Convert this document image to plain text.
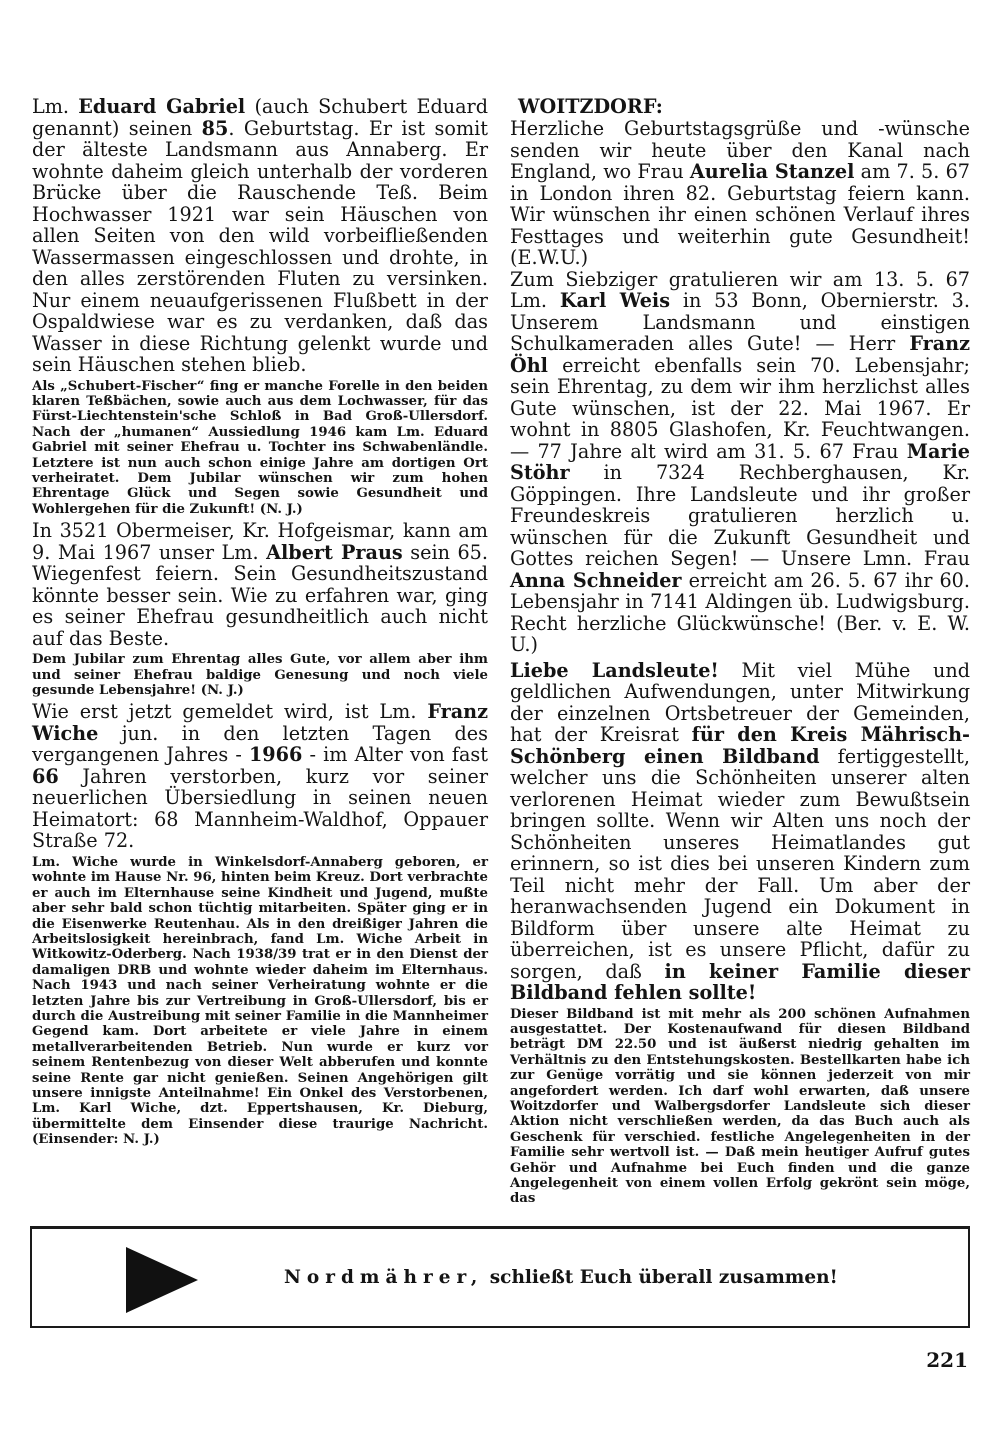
Lm. Eduard Gabriel (auch Schubert Eduard genannt) seinen 85. Geburtstag. Er ist somit der älteste Landsmann aus Annaberg. Er wohnte daheim gleich unterhalb der vorderen Brücke über die Rauschende Teß. Beim Hochwasser 1921 war sein Häuschen von allen Seiten von den wild vorbeifließenden Wassermassen eingeschlossen und drohte, in den alles zerstörenden Fluten zu versinken. Nur einem neuaufgerissenen Flußbett in der Ospaldwiese war es zu verdanken, daß das Wasser in diese Richtung gelenkt wurde und sein Häuschen stehen blieb.

Als „Schubert-Fischer“ fing er manche Forelle in den beiden klaren Teßbächen, sowie auch aus dem Lochwasser, für das Fürst-Liechtenstein'sche Schloß in Bad Groß-Ullersdorf. Nach der „humanen“ Aussiedlung 1946 kam Lm. Eduard Gabriel mit seiner Ehefrau u. Tochter ins Schwabenländle. Letztere ist nun auch schon einige Jahre am dortigen Ort verheiratet. Dem Jubilar wünschen wir zum hohen Ehrentage Glück und Segen sowie Gesundheit und Wohlergehen für die Zukunft! (N. J.)

In 3521 Obermeiser, Kr. Hofgeismar, kann am 9. Mai 1967 unser Lm. Albert Praus sein 65. Wiegenfest feiern. Sein Gesundheitszustand könnte besser sein. Wie zu erfahren war, ging es seiner Ehefrau gesundheitlich auch nicht auf das Beste.

Dem Jubilar zum Ehrentag alles Gute, vor allem aber ihm und seiner Ehefrau baldige Genesung und noch viele gesunde Lebensjahre! (N. J.)

Wie erst jetzt gemeldet wird, ist Lm. Franz Wiche jun. in den letzten Tagen des vergangenen Jahres - 1966 - im Alter von fast 66 Jahren verstorben, kurz vor seiner neuerlichen Übersiedlung in seinen neuen Heimatort: 68 Mannheim-Waldhof, Oppauer Straße 72.

Lm. Wiche wurde in Winkelsdorf-Annaberg geboren, er wohnte im Hause Nr. 96, hinten beim Kreuz. Dort verbrachte er auch im Elternhause seine Kindheit und Jugend, mußte aber sehr bald schon tüchtig mitarbeiten. Später ging er in die Eisenwerke Reutenhau. Als in den dreißiger Jahren die Arbeitslosigkeit hereinbrach, fand Lm. Wiche Arbeit in Witkowitz-Oderberg. Nach 1938/39 trat er in den Dienst der damaligen DRB und wohnte wieder daheim im Elternhaus. Nach 1943 und nach seiner Verheiratung wohnte er die letzten Jahre bis zur Vertreibung in Groß-Ullersdorf, bis er durch die Austreibung mit seiner Familie in die Mannheimer Gegend kam. Dort arbeitete er viele Jahre in einem metallverarbeitenden Betrieb. Nun wurde er kurz vor seinem Rentenbezug von dieser Welt abberufen und konnte seine Rente gar nicht genießen. Seinen Angehörigen gilt unsere innigste Anteilnahme! Ein Onkel des Verstorbenen, Lm. Karl Wiche, dzt. Eppertshausen, Kr. Dieburg, übermittelte dem Einsender diese traurige Nachricht. (Einsender: N. J.)

WOITZDORF:

Herzliche Geburtstagsgrüße und -wünsche senden wir heute über den Kanal nach England, wo Frau Aurelia Stanzel am 7. 5. 67 in London ihren 82. Geburtstag feiern kann. Wir wünschen ihr einen schönen Verlauf ihres Festtages und weiterhin gute Gesundheit! (E.W.U.)

Zum Siebziger gratulieren wir am 13. 5. 67 Lm. Karl Weis in 53 Bonn, Obernierstr. 3. Unserem Landsmann und einstigen Schulkameraden alles Gute! — Herr Franz Öhl erreicht ebenfalls sein 70. Lebensjahr; sein Ehrentag, zu dem wir ihm herzlichst alles Gute wünschen, ist der 22. Mai 1967. Er wohnt in 8805 Glashofen, Kr. Feuchtwangen. — 77 Jahre alt wird am 31. 5. 67 Frau Marie Stöhr in 7324 Rechberghausen, Kr. Göppingen. Ihre Landsleute und ihr großer Freundeskreis gratulieren herzlich u. wünschen für die Zukunft Gesundheit und Gottes reichen Segen! — Unsere Lmn. Frau Anna Schneider erreicht am 26. 5. 67 ihr 60. Lebensjahr in 7141 Aldingen üb. Ludwigsburg. Recht herzliche Glückwünsche! (Ber. v. E. W. U.)

Liebe Landsleute! Mit viel Mühe und geldlichen Aufwendungen, unter Mitwirkung der einzelnen Ortsbetreuer der Gemeinden, hat der Kreisrat für den Kreis Mährisch-Schönberg einen Bildband fertiggestellt, welcher uns die Schönheiten unserer alten verlorenen Heimat wieder zum Bewußtsein bringen sollte. Wenn wir Alten uns noch der Schönheiten unseres Heimatlandes gut erinnern, so ist dies bei unseren Kindern zum Teil nicht mehr der Fall. Um aber der heranwachsenden Jugend ein Dokument in Bildform über unsere alte Heimat zu überreichen, ist es unsere Pflicht, dafür zu sorgen, daß in keiner Familie dieser Bildband fehlen sollte!

Dieser Bildband ist mit mehr als 200 schönen Aufnahmen ausgestattet. Der Kostenaufwand für diesen Bildband beträgt DM 22.50 und ist äußerst niedrig gehalten im Verhältnis zu den Entstehungskosten. Bestellkarten habe ich zur Genüge vorrätig und sie können jederzeit von mir angefordert werden. Ich darf wohl erwarten, daß unsere Woitzdorfer und Walbergsdorfer Landsleute sich dieser Aktion nicht verschließen werden, da das Buch auch als Geschenk für verschied. festliche Angelegenheiten in der Familie sehr wertvoll ist. — Daß mein heutiger Aufruf gutes Gehör und Aufnahme bei Euch finden und die ganze Angelegenheit von einem vollen Erfolg gekrönt sein möge, das

Nordmährer, schließt Euch überall zusammen!
221
